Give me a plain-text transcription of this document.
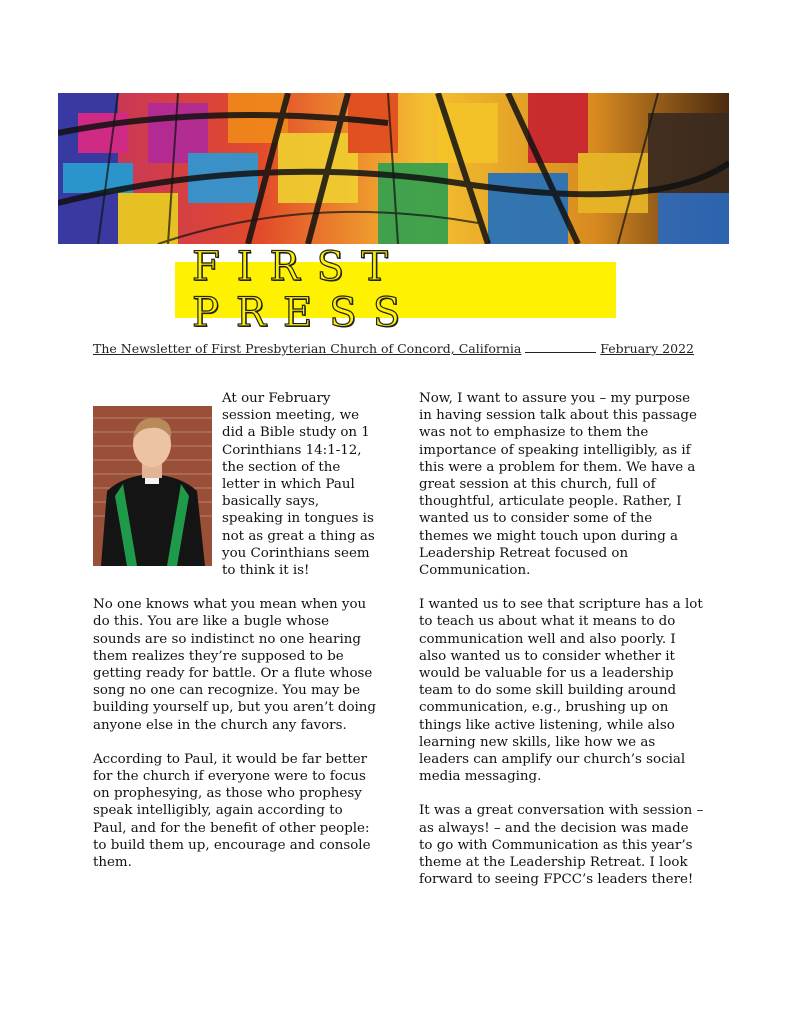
FIRST PRESS
The Newsletter of First Presbyterian Church of Concord, California	February 2022

At our February session meeting, we did a Bible study on 1 Corinthians 14:1-12, the section of the letter in which Paul basically says, speaking in tongues is not as great a thing as you Corinthians seem to think it is!

No one knows what you mean when you do this. You are like a bugle whose sounds are so indistinct no one hearing them realizes they’re supposed to be getting ready for battle. Or a flute whose song no one can recognize. You may be building yourself up, but you aren’t doing anyone else in the church any favors.

According to Paul, it would be far better for the church if everyone were to focus on prophesying, as those who prophesy speak intelligibly, again according to Paul, and for the benefit of other people: to build them up, encourage and console them.

Now, I want to assure you – my purpose in having session talk about this passage was not to emphasize to them the importance of speaking intelligibly, as if this were a problem for them. We have a great session at this church, full of thoughtful, articulate people. Rather, I wanted us to consider some of the themes we might touch upon during a Leadership Retreat focused on Communication.

I wanted us to see that scripture has a lot to teach us about what it means to do communication well and also poorly. I also wanted us to consider whether it would be valuable for us a leadership team to do some skill building around communication, e.g., brushing up on things like active listening, while also learning new skills, like how we as leaders can amplify our church’s social media messaging.

It was a great conversation with session – as always! – and the decision was made to go with Communication as this year’s theme at the Leadership Retreat. I look forward to seeing FPCC’s leaders there!
